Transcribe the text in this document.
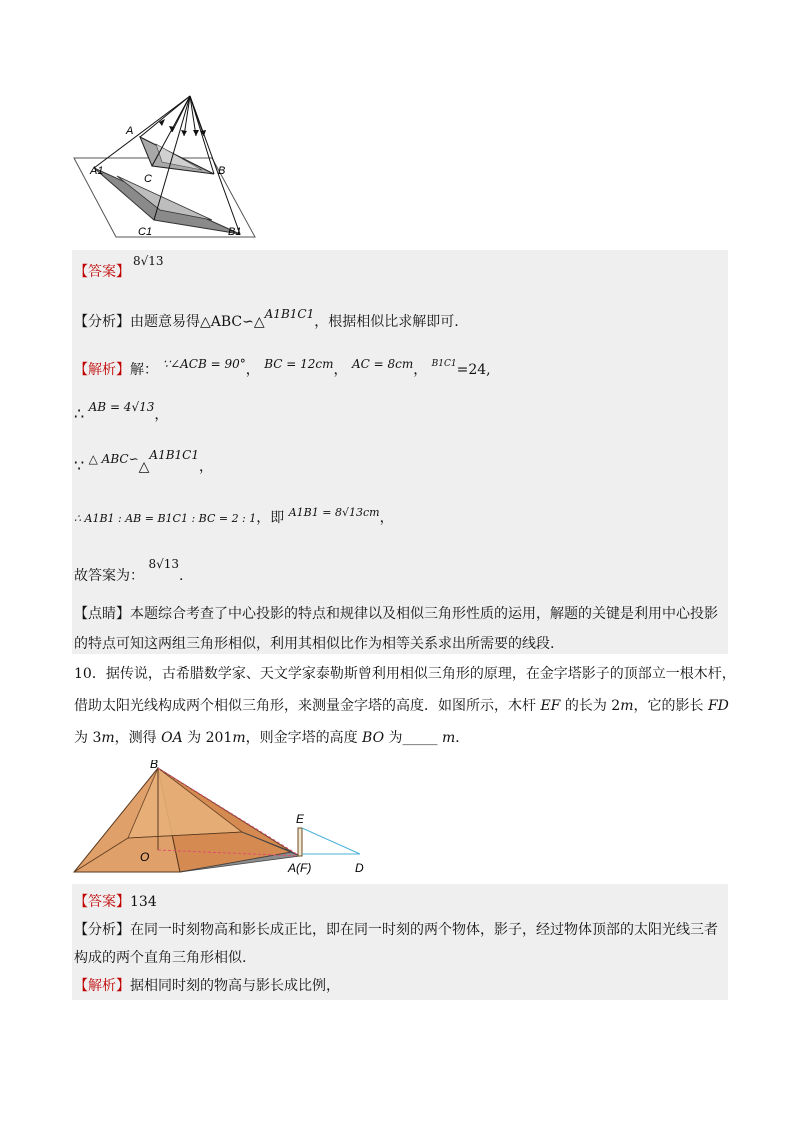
A
B
C
A1
B1
C1
【答案】
8√13
【分析】由题意易得△ABC∽△A1B1C1，根据相似比求解即可.
【解析】解： ∵∠ACB = 90°， BC = 12cm， AC = 8cm， $^{B1C1}$=24,
∴ AB = 4√13，
∵ △ ABC∽△A1B1C1，
∴ A1B1 : AB = B1C1 : BC = 2 : 1，即 $^{A1B1 = 8√13cm}$，
故答案为： 8√13.
【点睛】本题综合考查了中心投影的特点和规律以及相似三角形性质的运用，解题的关键是利用中心投影
的特点可知这两组三角形相似，利用其相似比作为相等关系求出所需要的线段.
10．据传说，古希腊数学家、天文学家泰勒斯曾利用相似三角形的原理，在金字塔影子的顶部立一根木杆，
借助太阳光线构成两个相似三角形，来测量金字塔的高度．如图所示，木杆 EF 的长为 2m，它的影长 FD
为 3m，测得 OA 为 201m，则金字塔的高度 BO 为_____ m．
B
O
E
A(F)	D
【答案】134
【分析】在同一时刻物高和影长成正比，即在同一时刻的两个物体，影子，经过物体顶部的太阳光线三者
构成的两个直角三角形相似.
【解析】据相同时刻的物高与影长成比例，
